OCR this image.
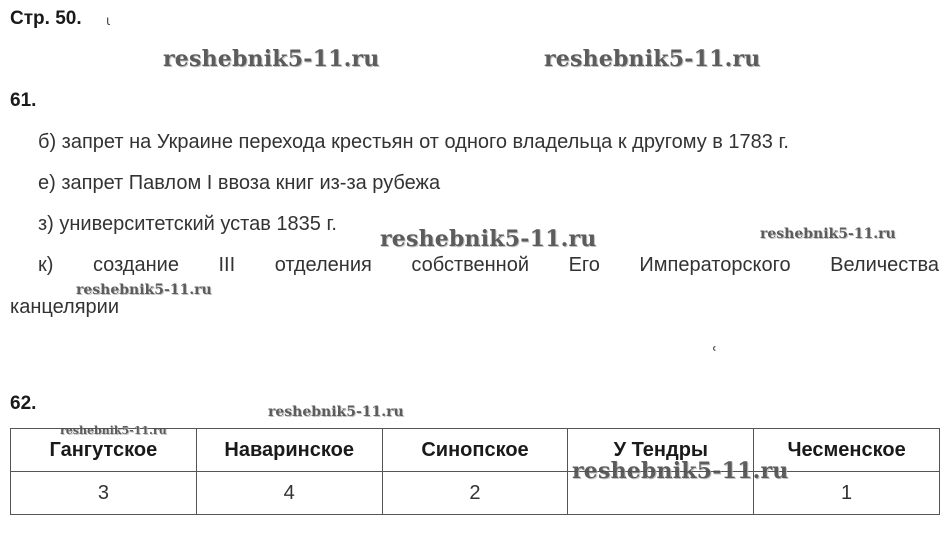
Стр. 50. ι
61.
б) запрет на Украине перехода крестьян от одного владельца к другому в 1783 г.
е) запрет Павлом I ввоза книг из-за рубежа
з) университетский устав 1835 г.
к) создание III отделения собственной Его Императорского Величества
канцелярии
ʿ
62.
Гангутское	Наваринское	Синопское	У Тендры	Чесменское
3	4	2		1
reshebnik5-11.ru	reshebnik5-11.ru
reshebnik5-11.ru	reshebnik5-11.ru
reshebnik5-11.ru
reshebnik5-11.ru
reshebnik5-11.ru
reshebnik5-11.ru
